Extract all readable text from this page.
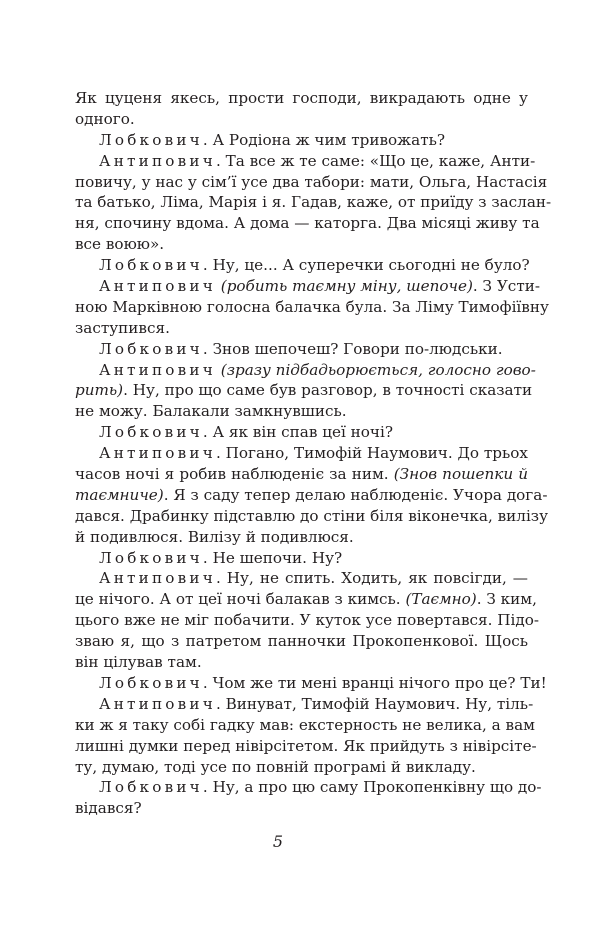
Як цуценя якесь, прости господи, викрадають одне у
одного.
Лобкович. А Родіона ж чим тривожать?
Антипович. Та все ж те саме: «Що це, каже, Анти-
повичу, у нас у сім’ї усе два табори: мати, Ольга, Настасія
та батько, Ліма, Марія і я. Гадав, каже, от приїду з заслан-
ня, спочину вдома. А дома — каторга. Два місяці живу та
все воюю».
Лобкович. Ну, це... А суперечки сьогодні не було?
Антипович (робить таємну міну, шепоче). З Усти-
ною Марківною голосна балачка була. За Ліму Тимофіївну
заступився.
Лобкович. Знов шепочеш? Говори по-людськи.
Антипович (зразу підбадьорюється, голосно гово-
рить). Ну, про що саме був разговор, в точності сказати
не можу. Балакали замкнувшись.
Лобкович. А як він спав цеї ночі?
Антипович. Погано, Тимофій Наумович. До трьох
часов ночі я робив наблюденіє за ним. (Знов пошепки й
таємниче). Я з саду тепер делаю наблюденіє. Учора дога-
дався. Драбинку підставлю до стіни біля віконечка, вилізу
й подивлюся. Вилізу й подивлюся.
Лобкович. Не шепочи. Ну?
Антипович. Ну, не спить. Ходить, як повсігди, —
це нічого. А от цеї ночі балакав з кимсь. (Таємно). З ким,
цього вже не міг побачити. У куток усе повертався. Підо-
зваю я, що з патретом панночки Прокопенкової. Щось
він цілував там.
Лобкович. Чом же ти мені вранці нічого про це? Ти!
Антипович. Винуват, Тимофій Наумович. Ну, тіль-
ки ж я таку собі гадку мав: екстерность не велика, а вам
лишні думки перед нівірсітетом. Як прийдуть з нівірсіте-
ту, думаю, тоді усе по повній програмі й викладу.
Лобкович. Ну, а про цю саму Прокопенківну що до-
відався?
5
